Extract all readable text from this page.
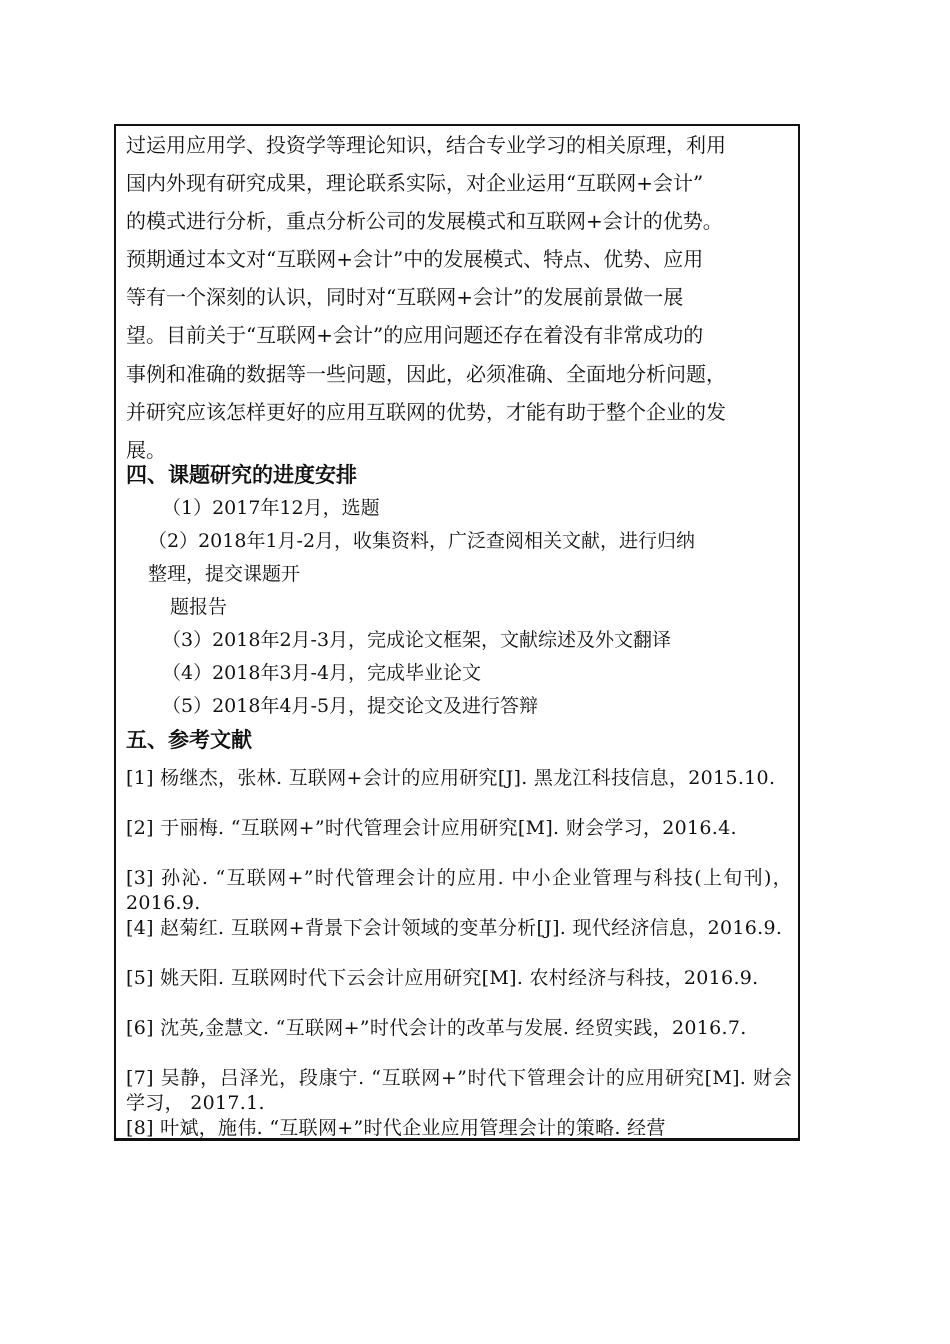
过运用应用学、投资学等理论知识，结合专业学习的相关原理，利用
国内外现有研究成果，理论联系实际，对企业运用“互联网+会计”
的模式进行分析，重点分析公司的发展模式和互联网+会计的优势。
预期通过本文对“互联网+会计”中的发展模式、特点、优势、应用
等有一个深刻的认识，同时对“互联网+会计”的发展前景做一展
望。目前关于“互联网+会计”的应用问题还存在着没有非常成功的
事例和准确的数据等一些问题，因此，必须准确、全面地分析问题，
并研究应该怎样更好的应用互联网的优势，才能有助于整个企业的发
展。
四、课题研究的进度安排
（1）2017年12月，选题
（2）2018年1月-2月，收集资料，广泛查阅相关文献，进行归纳
整理，提交课题开
题报告
（3）2018年2月-3月，完成论文框架，文献综述及外文翻译
（4）2018年3月-4月，完成毕业论文
（5）2018年4月-5月，提交论文及进行答辩
五、参考文献
[1] 杨继杰，张林. 互联网+会计的应用研究[J]. 黑龙江科技信息，2015.10.
[2] 于丽梅. “互联网+”时代管理会计应用研究[M]. 财会学习，2016.4.
[3] 孙沁. “互联网+”时代管理会计的应用. 中小企业管理与科技(上旬刊)，2016.9.
[4] 赵菊红. 互联网+背景下会计领域的变革分析[J]. 现代经济信息，2016.9.
[5] 姚天阳. 互联网时代下云会计应用研究[M]. 农村经济与科技，2016.9.
[6] 沈英,金慧文. “互联网+”时代会计的改革与发展. 经贸实践，2016.7.
[7] 吴静，吕泽光，段康宁. “互联网+”时代下管理会计的应用研究[M]. 财会学习， 2017.1.
[8] 叶斌，施伟. “互联网+”时代企业应用管理会计的策略. 经营
